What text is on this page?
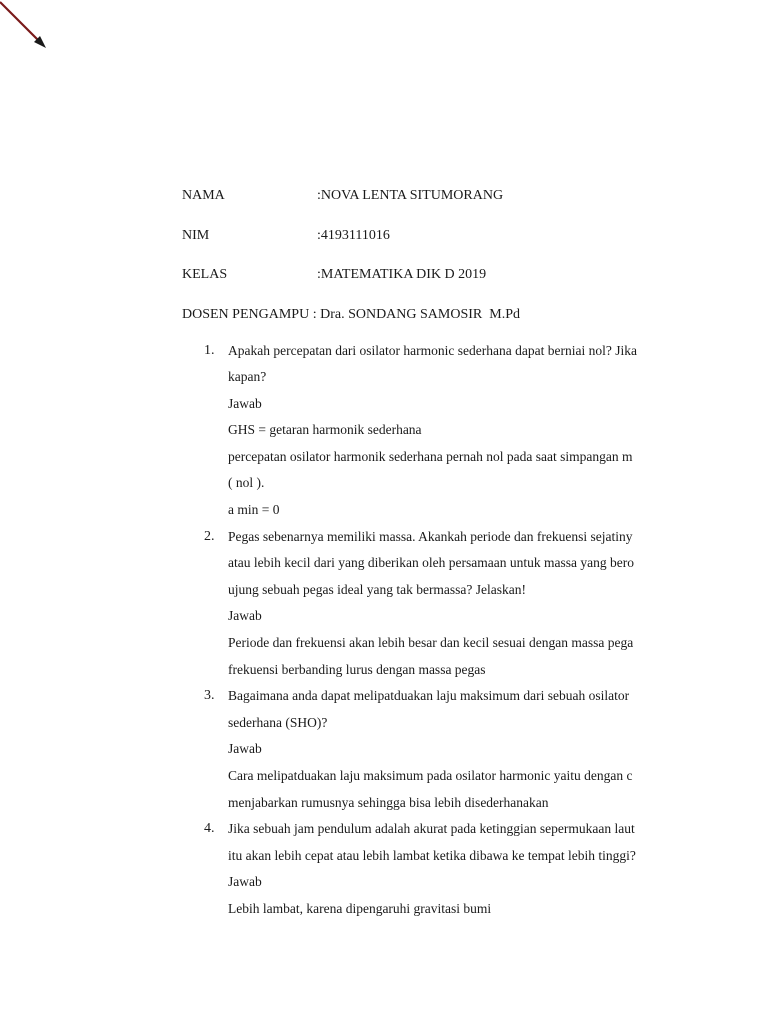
NAMA	:NOVA LENTA SITUMORANG
NIM	:4193111016
KELAS	:MATEMATIKA DIK D 2019
DOSEN PENGAMPU : Dra. SONDANG SAMOSIR  M.Pd
1. Apakah percepatan dari osilator harmonic sederhana dapat berniai nol? Jika
kapan?
Jawab
GHS = getaran harmonik sederhana
percepatan osilator harmonik sederhana pernah nol pada saat simpangan m
( nol ).
a min = 0
2. Pegas sebenarnya memiliki massa. Akankah periode dan frekuensi sejatiny
atau lebih kecil dari yang diberikan oleh persamaan untuk massa yang bero
ujung sebuah pegas ideal yang tak bermassa? Jelaskan!
Jawab
Periode dan frekuensi akan lebih besar dan kecil sesuai dengan massa pega
frekuensi berbanding lurus dengan massa pegas
3. Bagaimana anda dapat melipatduakan laju maksimum dari sebuah osilator
sederhana (SHO)?
Jawab
Cara melipatduakan laju maksimum pada osilator harmonic yaitu dengan c
menjabarkan rumusnya sehingga bisa lebih disederhanakan
4. Jika sebuah jam pendulum adalah akurat pada ketinggian sepermukaan laut
itu akan lebih cepat atau lebih lambat ketika dibawa ke tempat lebih tinggi?
Jawab
Lebih lambat, karena dipengaruhi gravitasi bumi
